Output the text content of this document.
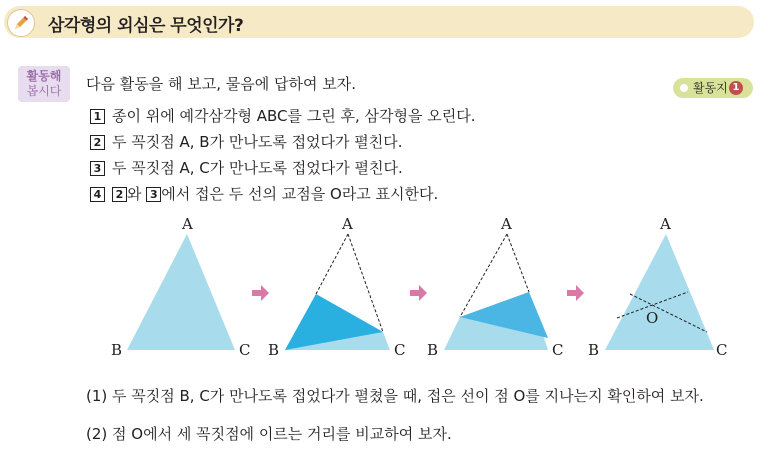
삼각형의 외심은 무엇인가?
활동해
봅시다	다음 활동을 해 보고, 물음에 답하여 보자.	활동지 1
1 종이 위에 예각삼각형 ABC를 그린 후, 삼각형을 오린다.
2 두 꼭짓점 A, B가 만나도록 접었다가 펼친다.
3 두 꼭짓점 A, C가 만나도록 접었다가 펼친다.
4 2 와 3 에서 접은 두 선의 교점을 O라고 표시한다.
A
B	C
A
B	C
A
B	C
A
O
B	C
(1) 두 꼭짓점 B, C가 만나도록 접었다가 펼쳤을 때, 접은 선이 점 O를 지나는지 확인하여 보자.
(2) 점 O에서 세 꼭짓점에 이르는 거리를 비교하여 보자.
